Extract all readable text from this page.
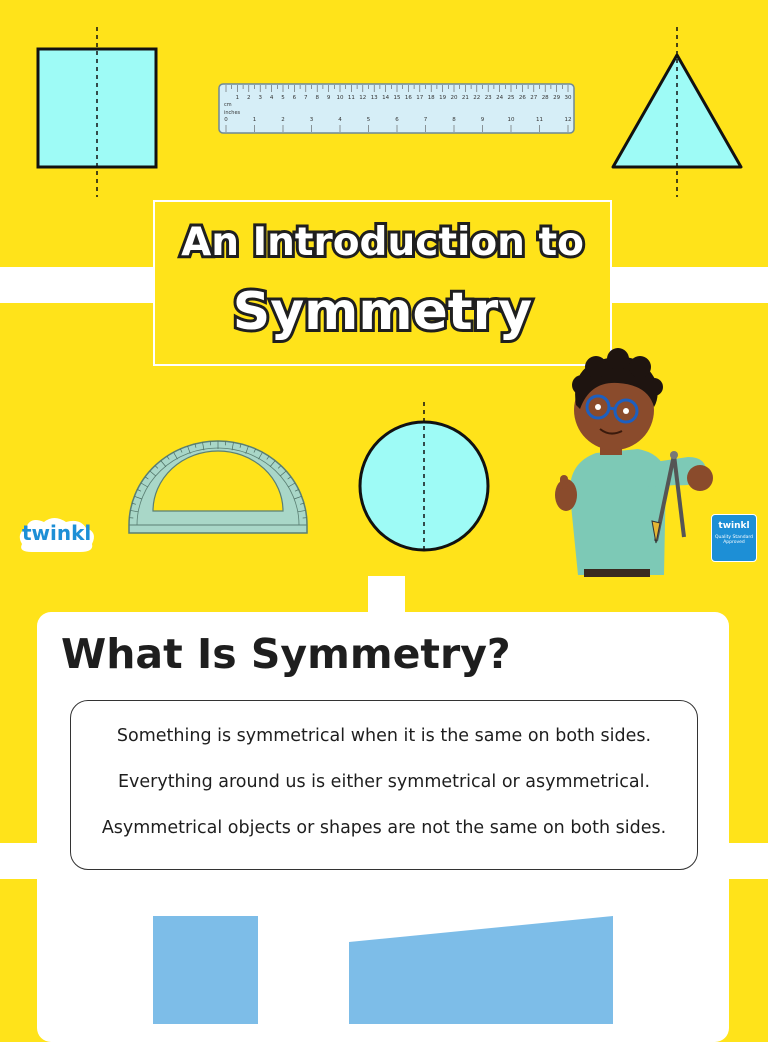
1 2 3 4 5 6 7 8 9 10 11 12 13 14 15 16 17 18 19 20 21 22 23 24 25 26 27 28 29 30
0	1	2	3	4	5	6	7	8	9	10	11	12
cm
inches
An Introduction to
Symmetry
twinkl	twinkl
Quality Standard Approved
What Is Symmetry?
Something is symmetrical when it is the same on both sides.
Everything around us is either symmetrical or asymmetrical.
Asymmetrical objects or shapes are not the same on both sides.
